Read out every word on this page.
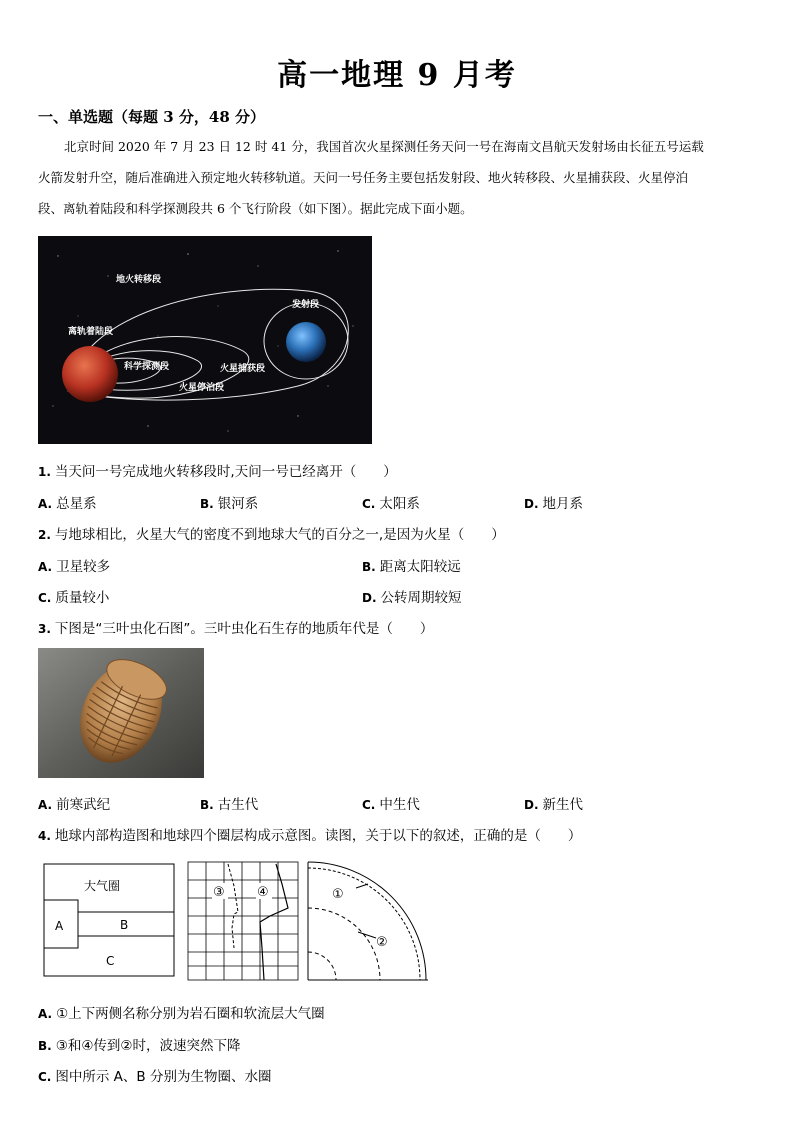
高一地理 9 月考
一、单选题（每题 3 分，48 分）

北京时间 2020 年 7 月 23 日 12 时 41 分，我国首次火星探测任务天问一号在海南文昌航天发射场由长征五号运载

火箭发射升空，随后准确进入预定地火转移轨道。天问一号任务主要包括发射段、地火转移段、火星捕获段、火星停泊

段、离轨着陆段和科学探测段共 6 个飞行阶段（如下图）。据此完成下面小题。

地火转移段
发射段
离轨着陆段
科学探测段	火星捕获段
火星停泊段
1. 当天问一号完成地火转移段时,天问一号已经离开（　　）
A. 总星系	B. 银河系	C. 太阳系	D. 地月系
2. 与地球相比，火星大气的密度不到地球大气的百分之一,是因为火星（　　）
A. 卫星较多	B. 距离太阳较远
C. 质量较小	D. 公转周期较短
3. 下图是“三叶虫化石图”。三叶虫化石生存的地质年代是（　　）
A. 前寒武纪	B. 古生代	C. 中生代	D. 新生代
4. 地球内部构造图和地球四个圈层构成示意图。读图，关于以下的叙述，正确的是（　　）
大气圈
A	B
C
③ ④	①
②
A. ①上下两侧名称分别为岩石圈和软流层大气圈
B. ③和④传到②时，波速突然下降
C. 图中所示 A、B 分别为生物圈、水圈
